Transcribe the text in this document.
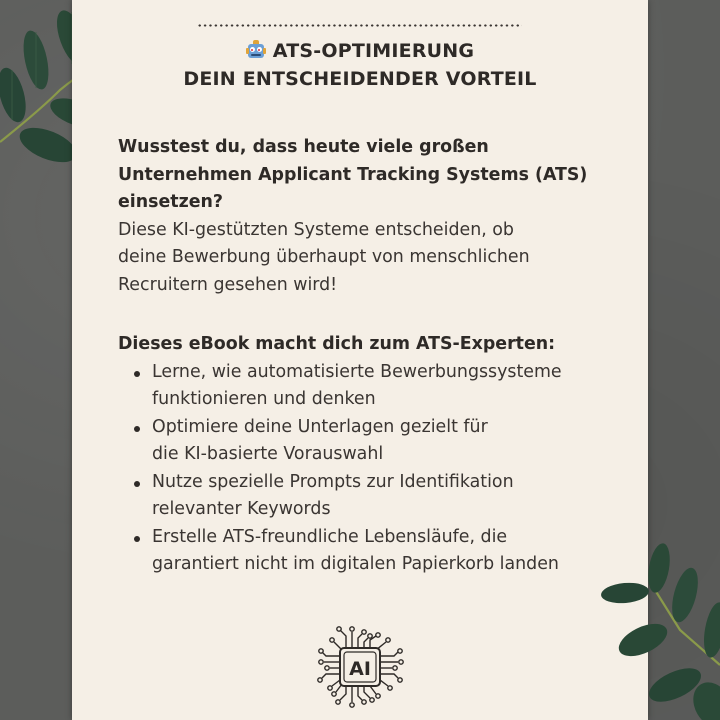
ATS-OPTIMIERUNG
DEIN ENTSCHEIDENDER VORTEIL
Wusstest du, dass heute viele großen
Unternehmen Applicant Tracking Systems (ATS)
einsetzen?
Diese KI-gestützten Systeme entscheiden, ob
deine Bewerbung überhaupt von menschlichen
Recruitern gesehen wird!
Dieses eBook macht dich zum ATS-Experten:
Lerne, wie automatisierte Bewerbungssysteme
funktionieren und denken
Optimiere deine Unterlagen gezielt für
die KI-basierte Vorauswahl
Nutze spezielle Prompts zur Identifikation
relevanter Keywords
Erstelle ATS-freundliche Lebensläufe, die
garantiert nicht im digitalen Papierkorb landen
AI
